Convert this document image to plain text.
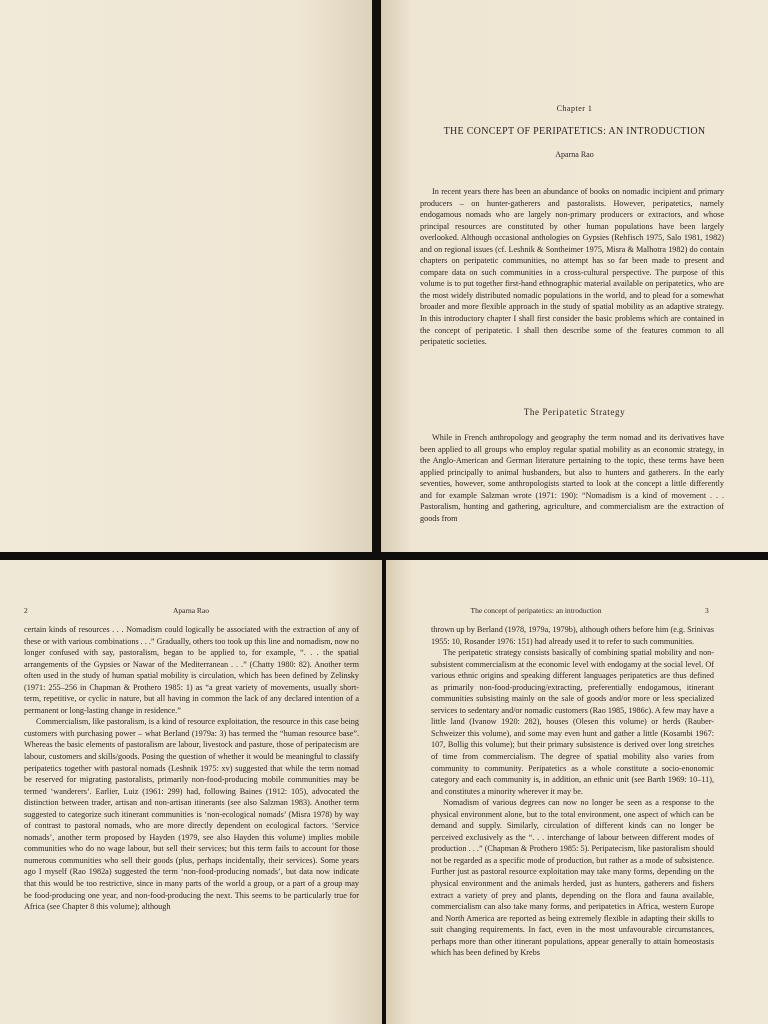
Chapter 1
THE CONCEPT OF PERIPATETICS: AN INTRODUCTION
Aparna Rao

In recent years there has been an abundance of books on nomadic incipient and primary producers – on hunter-gatherers and pastoralists. However, peripatetics, namely endogamous nomads who are largely non-primary producers or extractors, and whose principal resources are constituted by other human populations have been largely overlooked. Although occasional anthologies on Gypsies (Rehfisch 1975, Salo 1981, 1982) and on regional issues (cf. Leshnik & Sontheimer 1975, Misra & Malhotra 1982) do contain chapters on peripatetic communities, no attempt has so far been made to present and compare data on such communities in a cross-cultural perspective. The purpose of this volume is to put together first-hand ethnographic material available on peripatetics, who are the most widely distributed nomadic populations in the world, and to plead for a somewhat broader and more flexible approach in the study of spatial mobility as an adaptive strategy. In this introductory chapter I shall first consider the basic problems which are contained in the concept of peripatetic. I shall then describe some of the features common to all peripatetic societies.

The Peripatetic Strategy

While in French anthropology and geography the term nomad and its derivatives have been applied to all groups who employ regular spatial mobility as an economic strategy, in the Anglo-American and German literature pertaining to the topic, these terms have been applied principally to animal husbanders, but also to hunters and gatherers. In the early seventies, however, some anthropologists started to look at the concept a little differently and for example Salzman wrote (1971: 190): “Nomadism is a kind of movement . . . Pastoralism, hunting and gathering, agriculture, and commercialism are the extraction of goods from

2	Aparna Rao	The concept of peripatetics: an introduction	3

certain kinds of resources . . . Nomadism could logically be associated with the extraction of any of these or with various combinations . . .” Gradually, others too took up this line and nomadism, now no longer confused with say, pastoralism, began to be applied to, for example, “. . . the spatial arrangements of the Gypsies or Nawar of the Mediterranean . . .” (Chatty 1980: 82). Another term often used in the study of human spatial mobility is circulation, which has been defined by Zelinsky (1971: 255–256 in Chapman & Prothero 1985: 1) as “a great variety of movements, usually short-term, repetitive, or cyclic in nature, but all having in common the lack of any declared intention of a permanent or long-lasting change in residence.”

Commercialism, like pastoralism, is a kind of resource exploitation, the resource in this case being customers with purchasing power – what Berland (1979a: 3) has termed the “human resource base”. Whereas the basic elements of pastoralism are labour, livestock and pasture, those of peripatecism are labour, customers and skills/goods. Posing the question of whether it would be meaningful to classify peripatetics together with pastoral nomads (Leshnik 1975: xv) suggested that while the term nomad be reserved for migrating pastoralists, primarily non-food-producing mobile communities may be termed ‘wanderers’. Earlier, Luiz (1961: 299) had, following Baines (1912: 105), advocated the distinction between trader, artisan and non-artisan itinerants (see also Salzman 1983). Another term suggested to categorize such itinerant communities is ‘non-ecological nomads’ (Misra 1978) by way of contrast to pastoral nomads, who are more directly dependent on ecological factors. ‘Service nomads’, another term proposed by Hayden (1979, see also Hayden this volume) implies mobile communities who do no wage labour, but sell their services; but this term fails to account for those numerous communities who sell their goods (plus, perhaps incidentally, their services). Some years ago I myself (Rao 1982a) suggested the term ‘non-food-producing nomads’, but data now indicate that this would be too restrictive, since in many parts of the world a group, or a part of a group may be food-producing one year, and non-food-producing the next. This seems to be particularly true for Africa (see Chapter 8 this volume); although

thrown up by Berland (1978, 1979a, 1979b), although others before him (e.g. Srinivas 1955: 10, Rosander 1976: 151) had already used it to refer to such communities.

The peripatetic strategy consists basically of combining spatial mobility and non-subsistent commercialism at the economic level with endogamy at the social level. Of various ethnic origins and speaking different languages peripatetics are thus defined as primarily non-food-producing/extracting, preferentially endogamous, itinerant communities subsisting mainly on the sale of goods and/or more or less specialized services to sedentary and/or nomadic customers (Rao 1985, 1986c). A few may have a little land (Ivanow 1920: 282), houses (Olesen this volume) or herds (Rauber-Schweizer this volume), and some may even hunt and gather a little (Kosambi 1967: 107, Bollig this volume); but their primary subsistence is derived over long stretches of time from commercialism. The degree of spatial mobility also varies from community to community. Peripatetics as a whole constitute a socio-enonomic category and each community is, in addition, an ethnic unit (see Barth 1969: 10–11), and constitutes a minority wherever it may be.

Nomadism of various degrees can now no longer be seen as a response to the physical environment alone, but to the total environment, one aspect of which can be demand and supply. Similarly, circulation of different kinds can no longer be perceived exclusively as the “. . . interchange of labour between different modes of production . . .” (Chapman & Prothero 1985: 5). Peripatecism, like pastoralism should not be regarded as a specific mode of production, but rather as a mode of subsistence. Further just as pastoral resource exploitation may take many forms, depending on the physical environment and the animals herded, just as hunters, gatherers and fishers extract a variety of prey and plants, depending on the flora and fauna available, commercialism can also take many forms, and peripatetics in Africa, western Europe and North America are reported as being extremely flexible in adapting their skills to suit changing requirements. In fact, even in the most unfavourable circumstances, perhaps more than other itinerant populations, appear generally to attain homeostasis which has been defined by Krebs
